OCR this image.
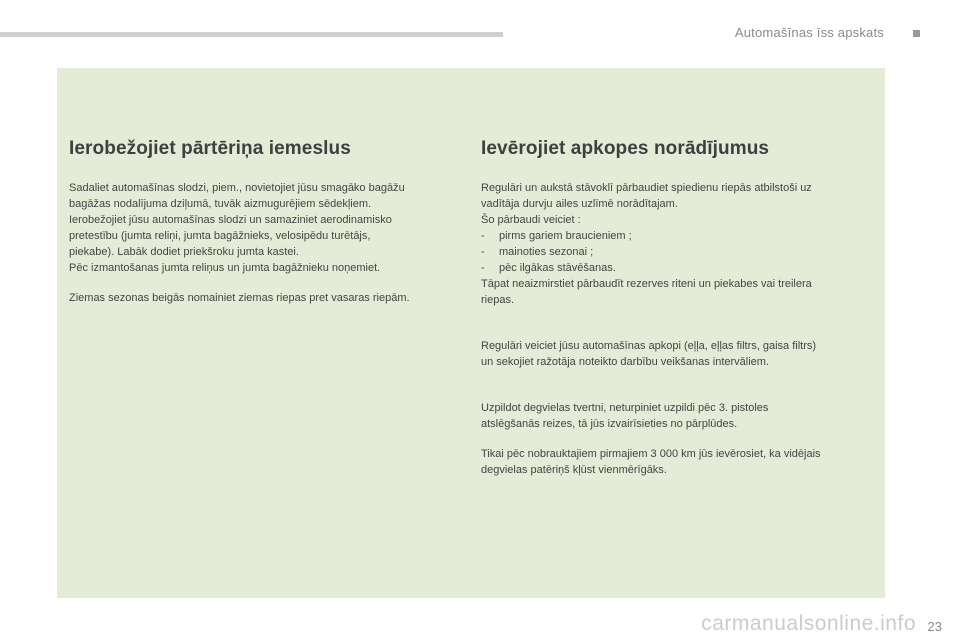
Automašīnas īss apskats
Ierobežojiet pārtēriņa iemeslus

Sadaliet automašīnas slodzi, piem., novietojiet jūsu smagāko bagāžu
bagāžas nodalījuma dziļumā, tuvāk aizmugurējiem sēdekļiem.
Ierobežojiet jūsu automašīnas slodzi un samaziniet aerodinamisko
pretestību (jumta reliņi, jumta bagāžnieks, velosipēdu turētājs,
piekabe). Labāk dodiet priekšroku jumta kastei.
Pēc izmantošanas jumta reliņus un jumta bagāžnieku noņemiet.

Ziemas sezonas beigās nomainiet ziemas riepas pret vasaras riepām.

Ievērojiet apkopes norādījumus

Regulāri un aukstā stāvoklī pārbaudiet spiedienu riepās atbilstoši uz
vadītāja durvju ailes uzlīmē norādītajam.
Šo pārbaudi veiciet :
- pirms gariem braucieniem ;
- mainoties sezonai ;
- pēc ilgākas stāvēšanas.
Tāpat neaizmirstiet pārbaudīt rezerves riteni un piekabes vai treilera
riepas.

Regulāri veiciet jūsu automašīnas apkopi (eļļa, eļļas filtrs, gaisa filtrs)
un sekojiet ražotāja noteikto darbību veikšanas intervāliem.

Uzpildot degvielas tvertni, neturpiniet uzpildi pēc 3. pistoles
atslēgšanās reizes, tā jūs izvairīsieties no pārplūdes.

Tikai pēc nobrauktajiem pirmajiem 3 000 km jūs ievērosiet, ka vidējais
degvielas patēriņš kļūst vienmērīgāks.

carmanualsonline.info 23
